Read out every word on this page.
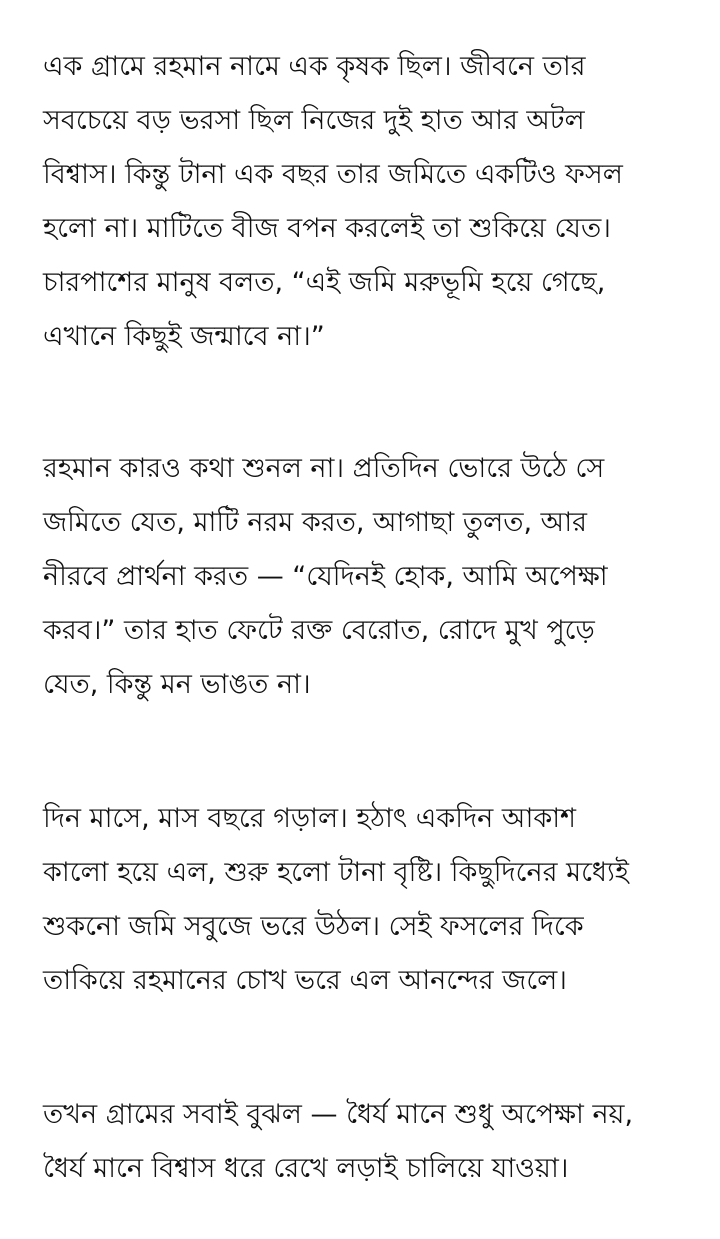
এক গ্রামে রহমান নামে এক কৃষক ছিল। জীবনে তার
সবচেয়ে বড় ভরসা ছিল নিজের দুই হাত আর অটল
বিশ্বাস। কিন্তু টানা এক বছর তার জমিতে একটিও ফসল
হলো না। মাটিতে বীজ বপন করলেই তা শুকিয়ে যেত।
চারপাশের মানুষ বলত, “এই জমি মরুভূমি হয়ে গেছে,
এখানে কিছুই জন্মাবে না।”
রহমান কারও কথা শুনল না। প্রতিদিন ভোরে উঠে সে
জমিতে যেত, মাটি নরম করত, আগাছা তুলত, আর
নীরবে প্রার্থনা করত — “যেদিনই হোক, আমি অপেক্ষা
করব।” তার হাত ফেটে রক্ত বেরোত, রোদে মুখ পুড়ে
যেত, কিন্তু মন ভাঙত না।
দিন মাসে, মাস বছরে গড়াল। হঠাৎ একদিন আকাশ
কালো হয়ে এল, শুরু হলো টানা বৃষ্টি। কিছুদিনের মধ্যেই
শুকনো জমি সবুজে ভরে উঠল। সেই ফসলের দিকে
তাকিয়ে রহমানের চোখ ভরে এল আনন্দের জলে।
তখন গ্রামের সবাই বুঝল — ধৈর্য মানে শুধু অপেক্ষা নয়,
ধৈর্য মানে বিশ্বাস ধরে রেখে লড়াই চালিয়ে যাওয়া।
